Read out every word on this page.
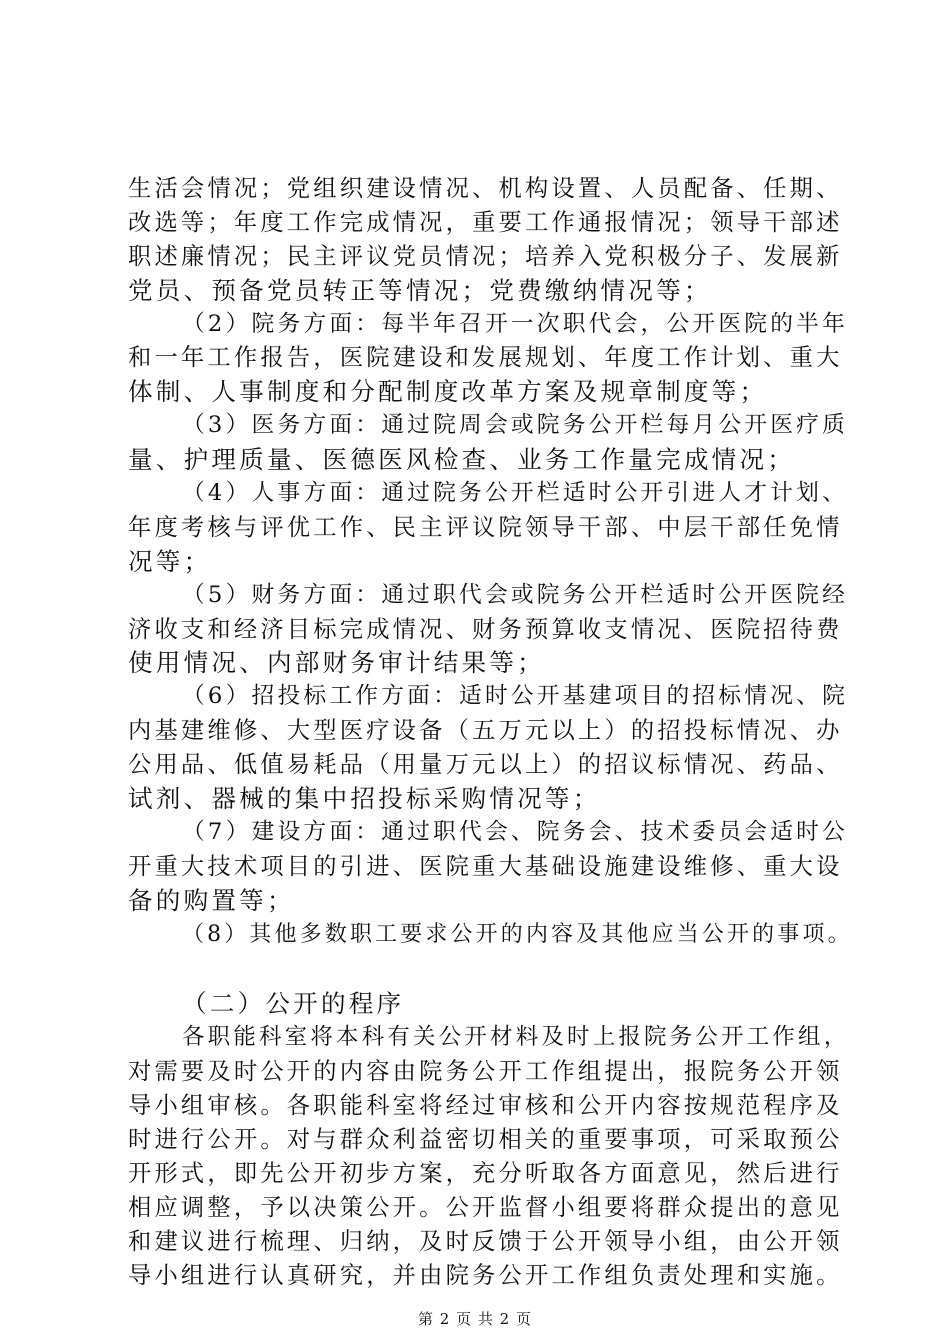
生活会情况；党组织建设情况、机构设置、人员配备、任期、
改选等；年度工作完成情况，重要工作通报情况；领导干部述
职述廉情况；民主评议党员情况；培养入党积极分子、发展新
党员、预备党员转正等情况；党费缴纳情况等；
（2）院务方面：每半年召开一次职代会，公开医院的半年
和一年工作报告，医院建设和发展规划、年度工作计划、重大
体制、人事制度和分配制度改革方案及规章制度等；
（3）医务方面：通过院周会或院务公开栏每月公开医疗质
量、护理质量、医德医风检查、业务工作量完成情况；
（4）人事方面：通过院务公开栏适时公开引进人才计划、
年度考核与评优工作、民主评议院领导干部、中层干部任免情
况等；
（5）财务方面：通过职代会或院务公开栏适时公开医院经
济收支和经济目标完成情况、财务预算收支情况、医院招待费
使用情况、内部财务审计结果等；
（6）招投标工作方面：适时公开基建项目的招标情况、院
内基建维修、大型医疗设备（五万元以上）的招投标情况、办
公用品、低值易耗品（用量万元以上）的招议标情况、药品、
试剂、器械的集中招投标采购情况等；
（7）建设方面：通过职代会、院务会、技术委员会适时公
开重大技术项目的引进、医院重大基础设施建设维修、重大设
备的购置等；
（8）其他多数职工要求公开的内容及其他应当公开的事项。
（二）公开的程序
各职能科室将本科有关公开材料及时上报院务公开工作组，
对需要及时公开的内容由院务公开工作组提出，报院务公开领
导小组审核。各职能科室将经过审核和公开内容按规范程序及
时进行公开。对与群众利益密切相关的重要事项，可采取预公
开形式，即先公开初步方案，充分听取各方面意见，然后进行
相应调整，予以决策公开。公开监督小组要将群众提出的意见
和建议进行梳理、归纳，及时反馈于公开领导小组，由公开领
导小组进行认真研究，并由院务公开工作组负责处理和实施。
第 2 页 共 2 页
